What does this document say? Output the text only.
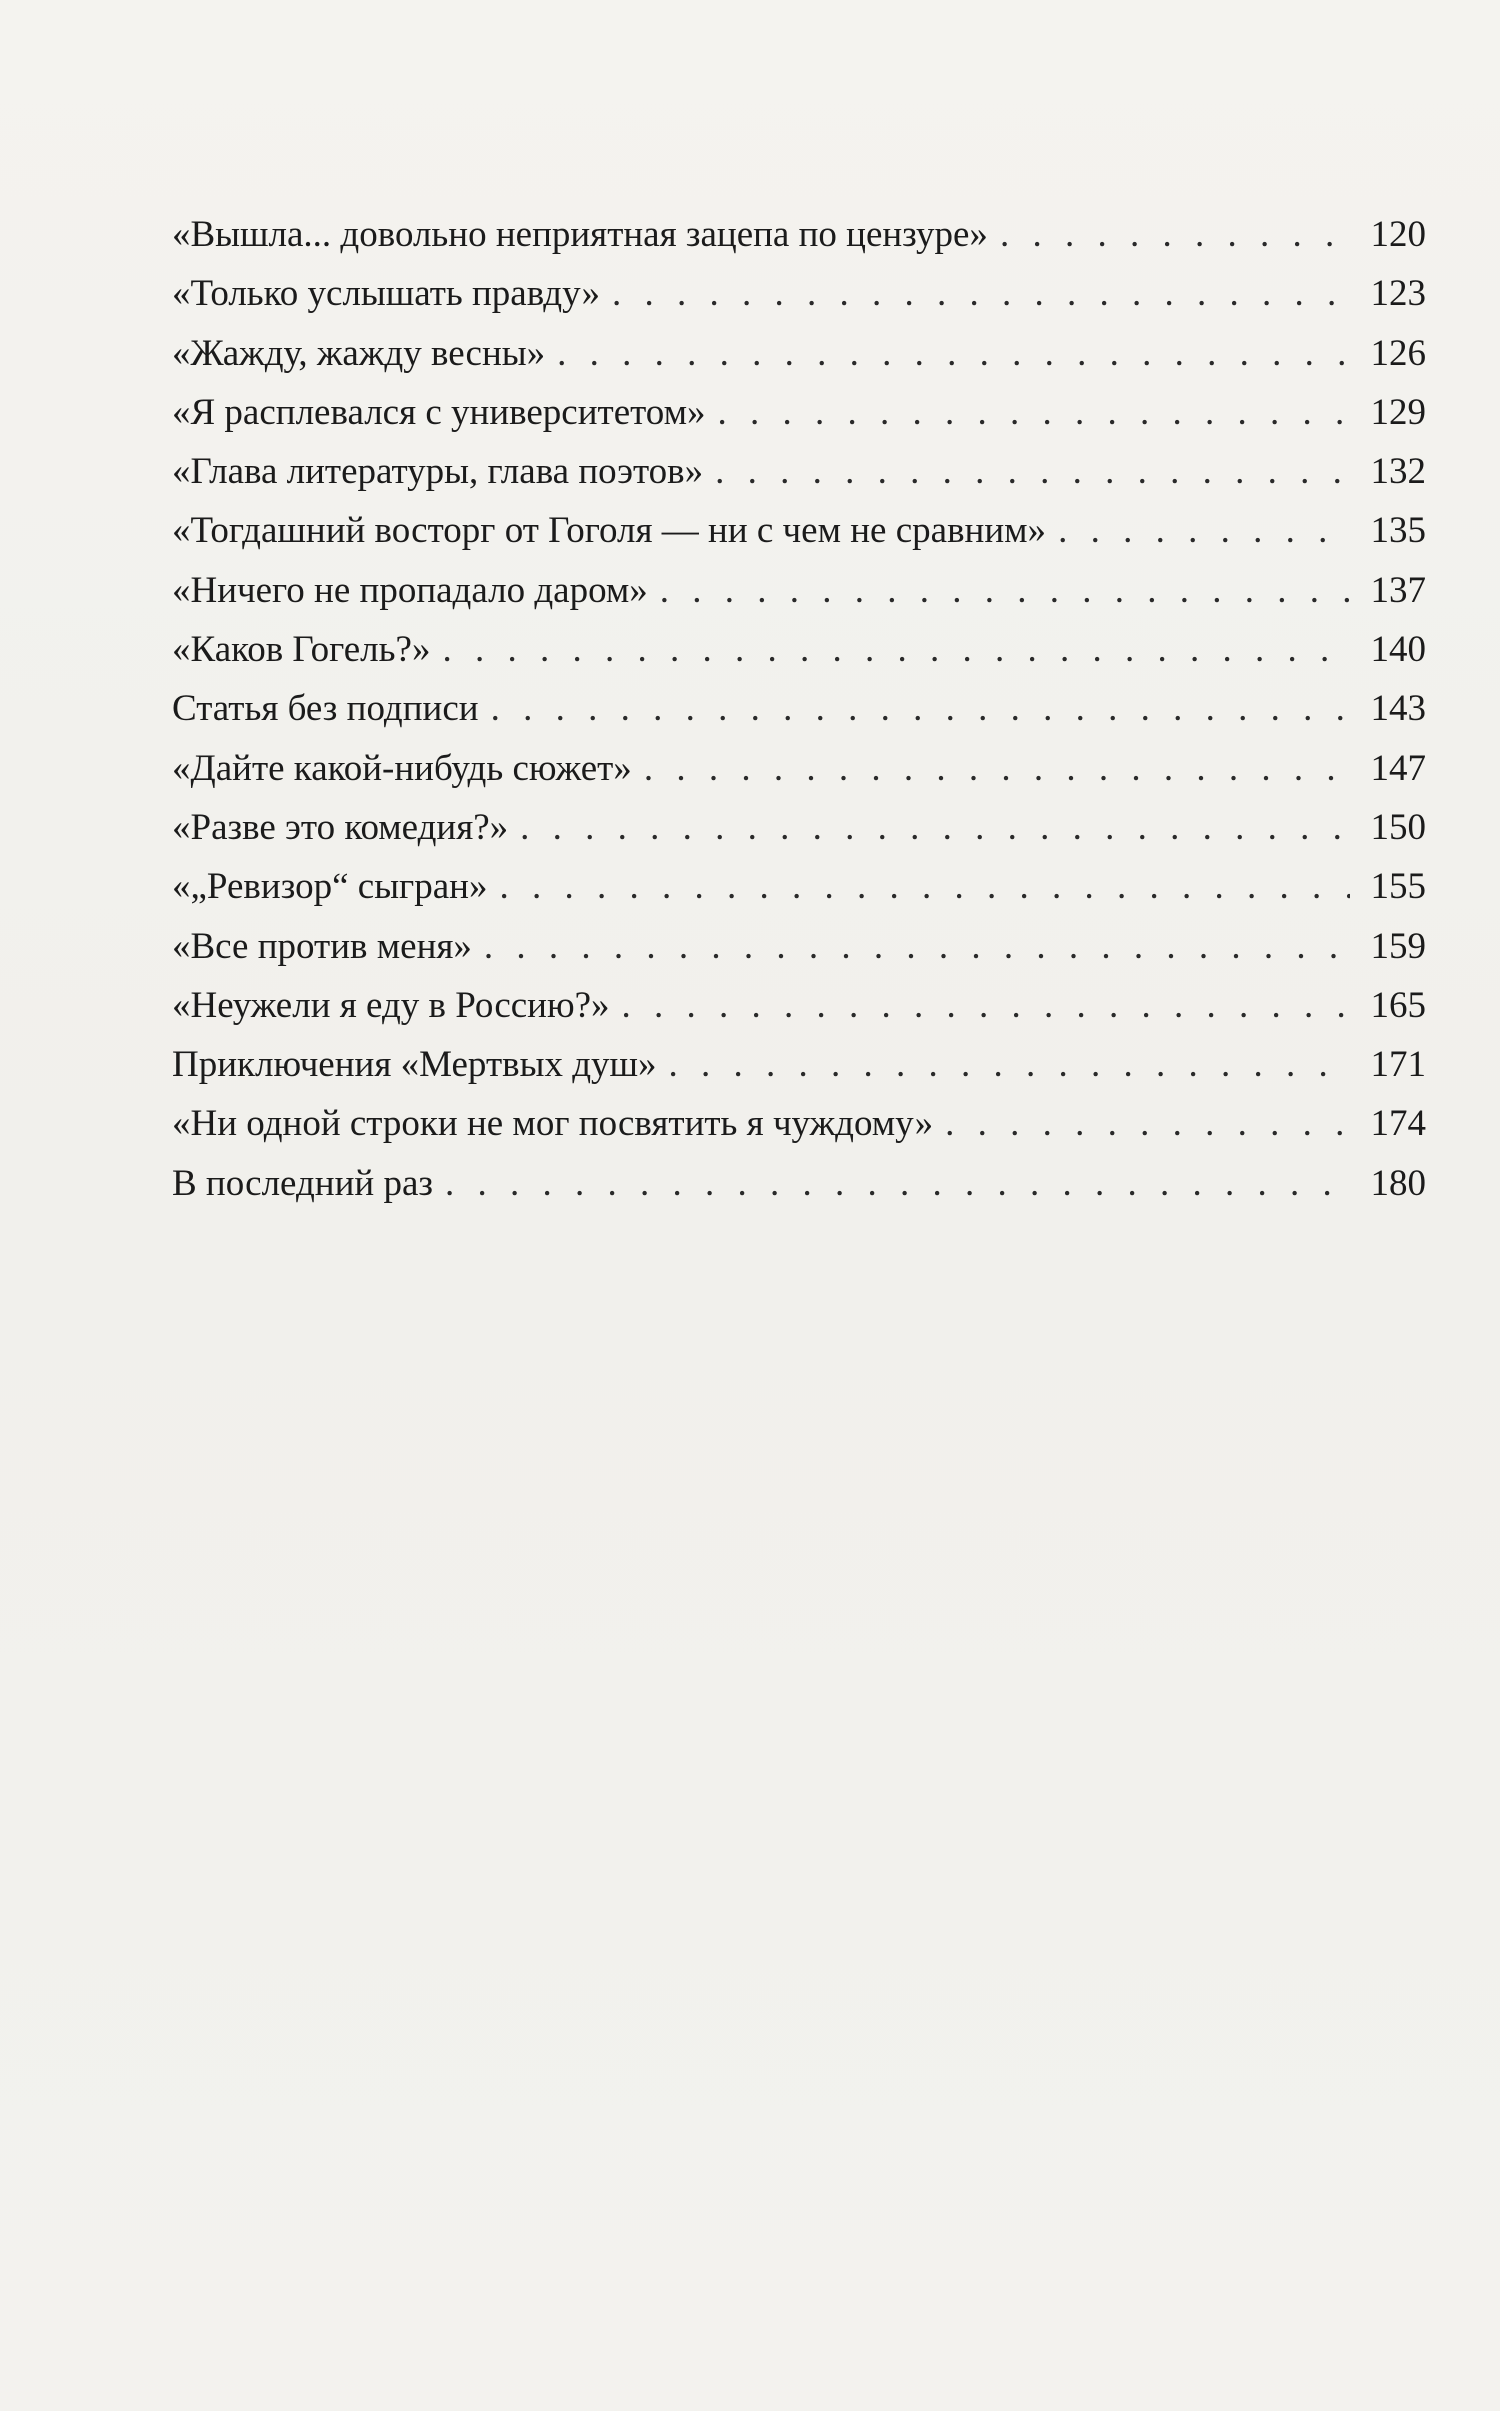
«Вышла... довольно неприятная зацепа по цензуре» . . .	120
«Только услышать правду» . . .	123
«Жажду, жажду весны» . . .	126
«Я расплевался с университетом» . . .	129
«Глава литературы, глава поэтов» . . .	132
«Тогдашний восторг от Гоголя — ни с чем не сравним» . . .	135
«Ничего не пропадало даром» . . .	137
«Каков Гогель?» . . .	140
Статья без подписи . . .	143
«Дайте какой-нибудь сюжет» . . .	147
«Разве это комедия?» . . .	150
«„Ревизор“ сыгран» . . .	155
«Все против меня» . . .	159
«Неужели я еду в Россию?» . . .	165
Приключения «Мертвых душ» . . .	171
«Ни одной строки не мог посвятить я чуждому» . . .	174
В последний раз . . .	180
